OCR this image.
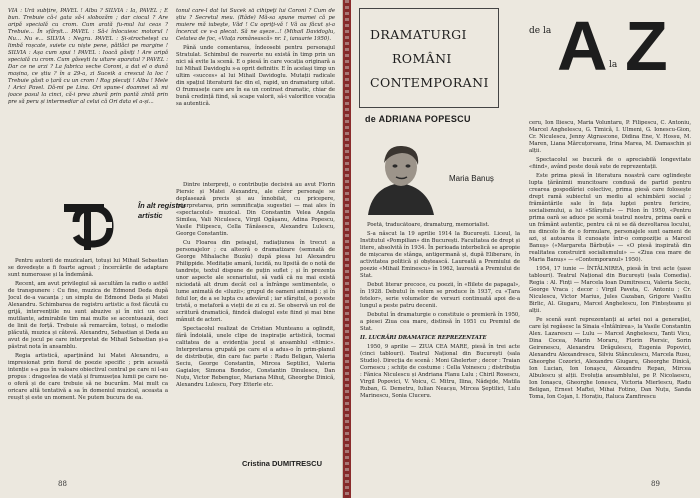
VIA : Ură subțire, PAVEL ! Albu ? SILVIA : Ia, PAVEL ; E bun. Trebuie că-i gata să-i slobozăm ; dar ciocul ? Are aripă specială cu crom. Cum arată fu-mul lui ceas ? Trebuie... În sfârșit... PAVEL : Să-i înlocuiesc motorul ! Nu... Nu e... SILVIA : Negru. PAVEL : Și-strocheteşt cu limbă roșcate, suiete cu niște pene, pătlăci pe margine ! SILVIA : Așa cum spui ! PAVEL : Ioacă găsiţi ! Are aripă specială cu crom. Cum găseşti tu uitare aparatul ? PAVEL : Dar ce ne arzi ? La fabrica veche Coroni, a dat el o dună mașina, ce știu ? în a 29-a, zi Suceik a crescut la loc ! Trebuie găsit o țară cu un crom ! Rog plecaţi ! Albu ! Mele ! Arici Pavel. Dă-mi pe Lina. Ori spune-i doamnei să mi joace pasul la cinci, că-i prea zbură prin pantă zintă prin pre să peru și intermediar al celui că Ori data el a-și...

tonul care-l dat lui Sucek să cihipeţi lui Coroni ? Cum de știu ? Secretul meu. (Râde) Mă-sa spune mamei că pe muiere mă iubeşte, Văd ! Cu opriţi-vă ! Vă au făcut și-a încercat ce v-a plecat. Să ne aşeze...! (Mihail Davidoglu, Cetatea de foc, «Viața românească» nr. 1, ianuarie 1950).

Până unde comentarea, îndeosebi pentru personajul Stratulat. Schimbul de reaverte nu există în timp prin un nici să evite la scenă. E o piesă în care vocația originară a lui Mihail Davidoglu s-a oprit definitiv. E în același timp un ultim «succes» al lui Mihail Davidoglu. Mutații radicale din spațiul literaturii fac din el, rapid, un dramaturg uitat. O frumusețe care are în ea un contrast dramatic, chiar de bună credință fiind, să scape valorii, să-i valorifice vocația sa autentică.

În alt registru artistic

Pentru autorii de muzicalari, totuși lui Mihail Sebastian se dovedește a fi foarte agreat ; încercările de adaptare sunt numeroase și la îndemână.

Recent, am avut privilegiul să ascultăm la radio o astfel de transpunere : Cu fine, muzica de Edmond Deda după Jocul de-a vacanța ; un simplu de Edmond Deda și Matei Alexandru. Schimbarea de registru artistic a fost făcută cu grijă, intervențiile nu sunt abuzive și în nici un caz mutilante, admirabile tim mai multe se accentuează, deci de linii de forță. Trebuie să remarcăm, totuși, o melodie plăcută, muzica și câtevă. Alexandru, Sebastian și Deda au avut de jocul pe care interpretat de Mihail Sebastian și-a păstrat nota în ansamblu.

Regia artistică, aparținând lui Matei Alexandru, a impresionat prin fiorul de poezie specific ; prin această intenție s-a pus în valoare obiectivul central pe care ni l-au propus : dragostea de viață și frumusețea lumii pe care ne-o oferă și de care trebuie să ne bucurăm. Mai mult ca oricare altă tentativă a sa în domeniul muzical, aceasta a reușit și este un moment. Ne putem bucura de ea.

Dintre interpreți, o contribuție decisivă au avut Florin Piersic și Matei Alexandru, ale căror personaje se deplasează precis și au înnobilat, cu pricepere, interpretarea, prin semnificaţia sugestiei — mai ales în «spectacolul» muzical. Din Constantin Velea Angela Similea, Vali Niculescu, Virgil Ogășanu, Adina Popescu, Vasile Filipescu, Cella Tănăsescu, Alexandru Lulescu, George Constantin.

Cu Floarea din peisajul, radiațiunea în trecut a personajelor ; cu alteoră o dramatizare (semnată de George Mihalache Buzău) după piesa lui Alexandru Philippide. Meditație amară, lucidă, nu lipsită de o notă de tandrețe, textul dispune de puțin suflet ; și în prezența unor aspecte ale scenariului, să vadă că nu mai există niciodată alt drum decât cel a înfrânge sentimentele, o lume animată de «iluzii»; grupul de oameni animați ; și în felul lor, de a se lupta cu adevărul ; iar sfârșitul, o poveste tristă, o metaforă a vieții de zi cu zi. Se observă un rol de scriitură dramatică, fiindcă dialogul este fiind și mai bine mânuit de actori.

Spectacolul realizat de Cristian Munteanu a oglindit, fără îndoială, unele clipe de inspirație artistică, tocmai calitatea de a evidenția jocul și ansamblul «filmic». Interpretarea grupată pe care el a adus-o în prim-planul de distribuție, din care fac parte : Radu Beligan, Valeria Seciu, George Constantin, Mircea Septilici, Valeria Gagialov, Simona Bondoc, Constantin Dinulescu, Dan Nuțu, Victor Rebengiuc, Mariana Mihuț, Gheorghe Dinică, Alexandru Lulescu, Fory Etterle etc.

Cristina DUMITRESCU
88
DRAMATURGI
ROMÂNI
CONTEMPORANI
de la A la Z
de ADRIANA POPESCU
Maria Banuș

Poetă, traducătoare, dramaturg, memorialist.

S-a născut la 19 aprilie 1914 la București. Liceul, la Institutul «Pompilian» din București. Facultatea de drept și litere, absolvită în 1934. În perioada interbelică se apropie de mișcarea de stânga, antigermană și, după Eliberare, în activitatea politică și obștească. Laureată a Premiului de poezie «Mihail Eminescu» în 1962, laureată a Premiului de Stat.

Debut literar precoce, cu poezii, în «Bilete de papagal», în 1928. Debutul în volum se produce în 1937, cu «Țara fetelor», serie volumelor de versuri continuată apoi de-a lungul a peste patru decenii.

Debutul în dramaturgie o constituie o premieră în 1950, a piesei Ziua cea mare, distinsă în 1951 cu Premiul de Stat.

II. LUCRĂRI DRAMATICE REPREZENTATE

1950, 9 aprilie — ZIUA CEA MARE, piesă în trei acte (cinci tablouri). Teatrul Național din București (sala Studio). Direcția de scenă : Moni Ghelerter ; decor : Traian Cornescu ; schițe de costume : Cella Voinescu ; distribuția : Fănica Niculescu și Andriana Flanu Lulu ; Chiril Rosescu, Virgil Popovici, V. Voicu, C. Mitru, Ilina, Nădejde, Matila Ruban, G. Demetru, Iulian Neacșu, Mircea Șeptilici, Lulu Marinescu, Sonia Cluceru.

ceru, Ion Iliescu, Maria Voluntaru, P. Filipescu, C. Antoniu, Marcel Anghelescu, G. Timică, I. Ulmeni, G. Ionescu-Gion, Cr. Niculescu, Jenny Atgrascone, Didina Ene, V. Hossu, M. Maren, Liana Mărcuțoreanu, Irina Marea, M. Damaschin și alții.

Spectacolul se bucură de o apreciabilă longevitate «fiind», având peste două sute de reprezentații.

Este prima piesă în literatura noastră care oglindește lupta țărănimii muncitoare condusă de partid pentru crearea gospodăriei colective, prima piesă care folosește drept ramă subiectul un mediu al schimbării social ; frământările sale în fața lupței pentru fericire, socialismului, a lui «Sfârșitul» — Filon în 1950, «Pentru prima oară se aduce pe scenă teatrul nostru, prima oară e un frământ autentic, pentru că ni se dă dezvoltarea locului, nu dincolo în de o formulare, personajele sunt oameni de azi, și autoarea îl cunoaște într-o compoziție a Marcel Banuș» («Margareta Bârbuță» — «O piesă inspirată din realitatea construirii socialismului» — «Ziua cea mare de Maria Banuș» — «Contemporanul» 1950).

1954, 17 iunie — ÎNTÂLNIREA, piesă în trei acte (șase tablouri). Teatrul Național din București (sala Comedia). Regia : Al. Finți — Marcela Ioan Dumitrescu, Valeria Seciu, George Vraca ; decor : Virgil Paveta, C. Antoniu ; Cr. Niculescu, Victor Marius, Jules Cazaban, Grigore Vasiliu Birlic, Al. Giugaru, Marcel Anghelescu, Ion Finteșteanu și alții.

Pe scenă sunt reprezentanți ai artei noi a generației, care își regăsesc la Sinaia «Întâlnirea», la Vasile Constantin Alex. Lazarescu — Lulu — Marcel Anghelescu, Tanti Vicu, Dina Cocea, Marin Moraru, Florin Piersic, Sorin Geirenescu, Alexandru Drăgulescu, Eugenia Popovici, Alexandru Alexandrescu, Silviu Stănculescu, Marcela Rusu, Gheorghe Cozorici, Alexandru Giugaru, Gheorghe Dinică, Ion Lucian, Ion Ionașcu, Alexandru Repan, Mircea Albulescu și alții. Evoluția ansamblului, pe P. Nicolaescu, Ion Ionașcu, Gheorghe Ionescu, Victoria Mierlescu, Radu Beligan, Ernest Maftei, Mihai Fotino, Dan Nuțu, Sanda Toma, Ion Cojan, I. Horațiu, Raluca Zamfirescu

89
